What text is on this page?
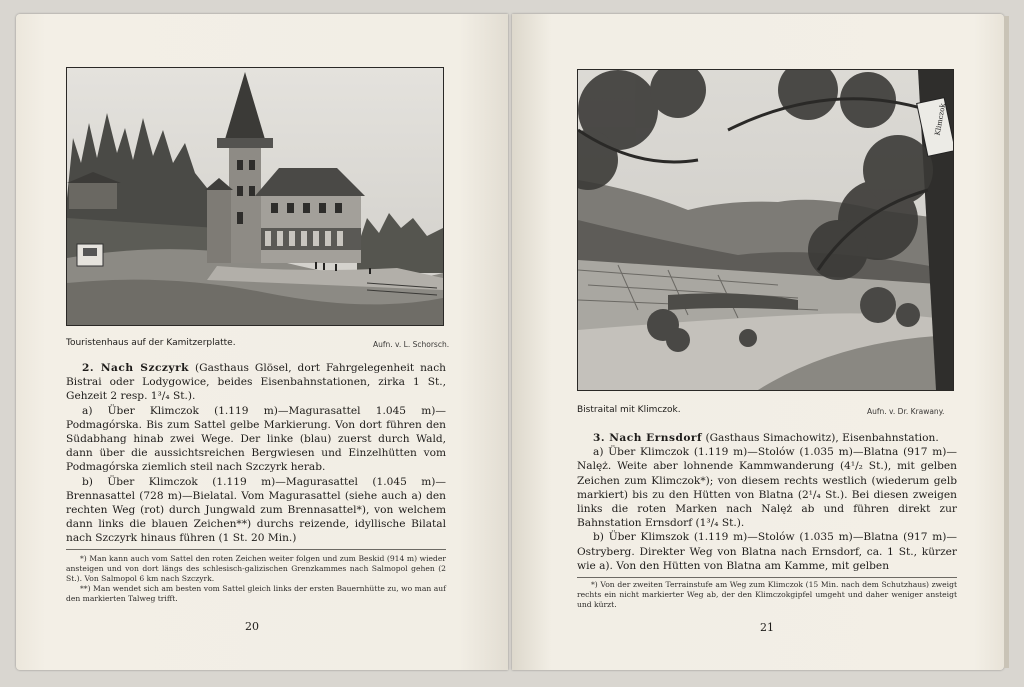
Touristenhaus auf der Kamitzerplatte.	Aufn. v. L. Schorsch.

2. Nach Szczyrk (Gasthaus Glösel, dort Fahrgelegenheit nach Bistrai oder Lodygowice, beides Eisenbahnstationen, zirka 1 St., Gehzeit 2 resp. 1³/₄ St.).

a) Über Klimczok (1.119 m)—Magurasattel 1.045 m)—Podmagórska. Bis zum Sattel gelbe Markierung. Von dort führen den Südabhang hinab zwei Wege. Der linke (blau) zuerst durch Wald, dann über die aussichtsreichen Bergwiesen und Einzelhütten vom Podmagórska ziemlich steil nach Szczyrk herab.

b) Über Klimczok (1.119 m)—Magurasattel (1.045 m)—Brennasattel (728 m)—Bielatal. Vom Magurasattel (siehe auch a) den rechten Weg (rot) durch Jungwald zum Brennasattel*), von welchem dann links die blauen Zeichen**) durchs reizende, idyllische Bilatal nach Szczyrk hinaus führen (1 St. 20 Min.)

*) Man kann auch vom Sattel den roten Zeichen weiter folgen und zum Beskid (914 m) wieder ansteigen und von dort längs des schlesisch-galizischen Grenzkammes nach Salmopol gehen (2 St.). Von Salmopol 6 km nach Szczyrk.

**) Man wendet sich am besten vom Sattel gleich links der ersten Bauernhütte zu, wo man auf den markierten Talweg trifft.

20
Klimczok
Bistraital mit Klimczok.	Aufn. v. Dr. Krawany.

3. Nach Ernsdorf (Gasthaus Simachowitz), Eisenbahnstation.

a) Über Klimczok (1.119 m)—Stolów (1.035 m)—Blatna (917 m)—Nalęż. Weite aber lohnende Kammwanderung (4¹/₂ St.), mit gelben Zeichen zum Klimczok*); von diesem rechts westlich (wiederum gelb markiert) bis zu den Hütten von Blatna (2¹/₄ St.). Bei diesen zweigen links die roten Marken nach Nalęż ab und führen direkt zur Bahnstation Ernsdorf (1³/₄ St.).

b) Über Klimszok (1.119 m)—Stolów (1.035 m)—Blatna (917 m)—Ostryberg. Direkter Weg von Blatna nach Ernsdorf, ca. 1 St., kürzer wie a). Von den Hütten von Blatna am Kamme, mit gelben

*) Von der zweiten Terrainstufe am Weg zum Klimczok (15 Min. nach dem Schutzhaus) zweigt rechts ein nicht markierter Weg ab, der den Klimczokgipfel umgeht und daher weniger ansteigt und kürzt.

21
